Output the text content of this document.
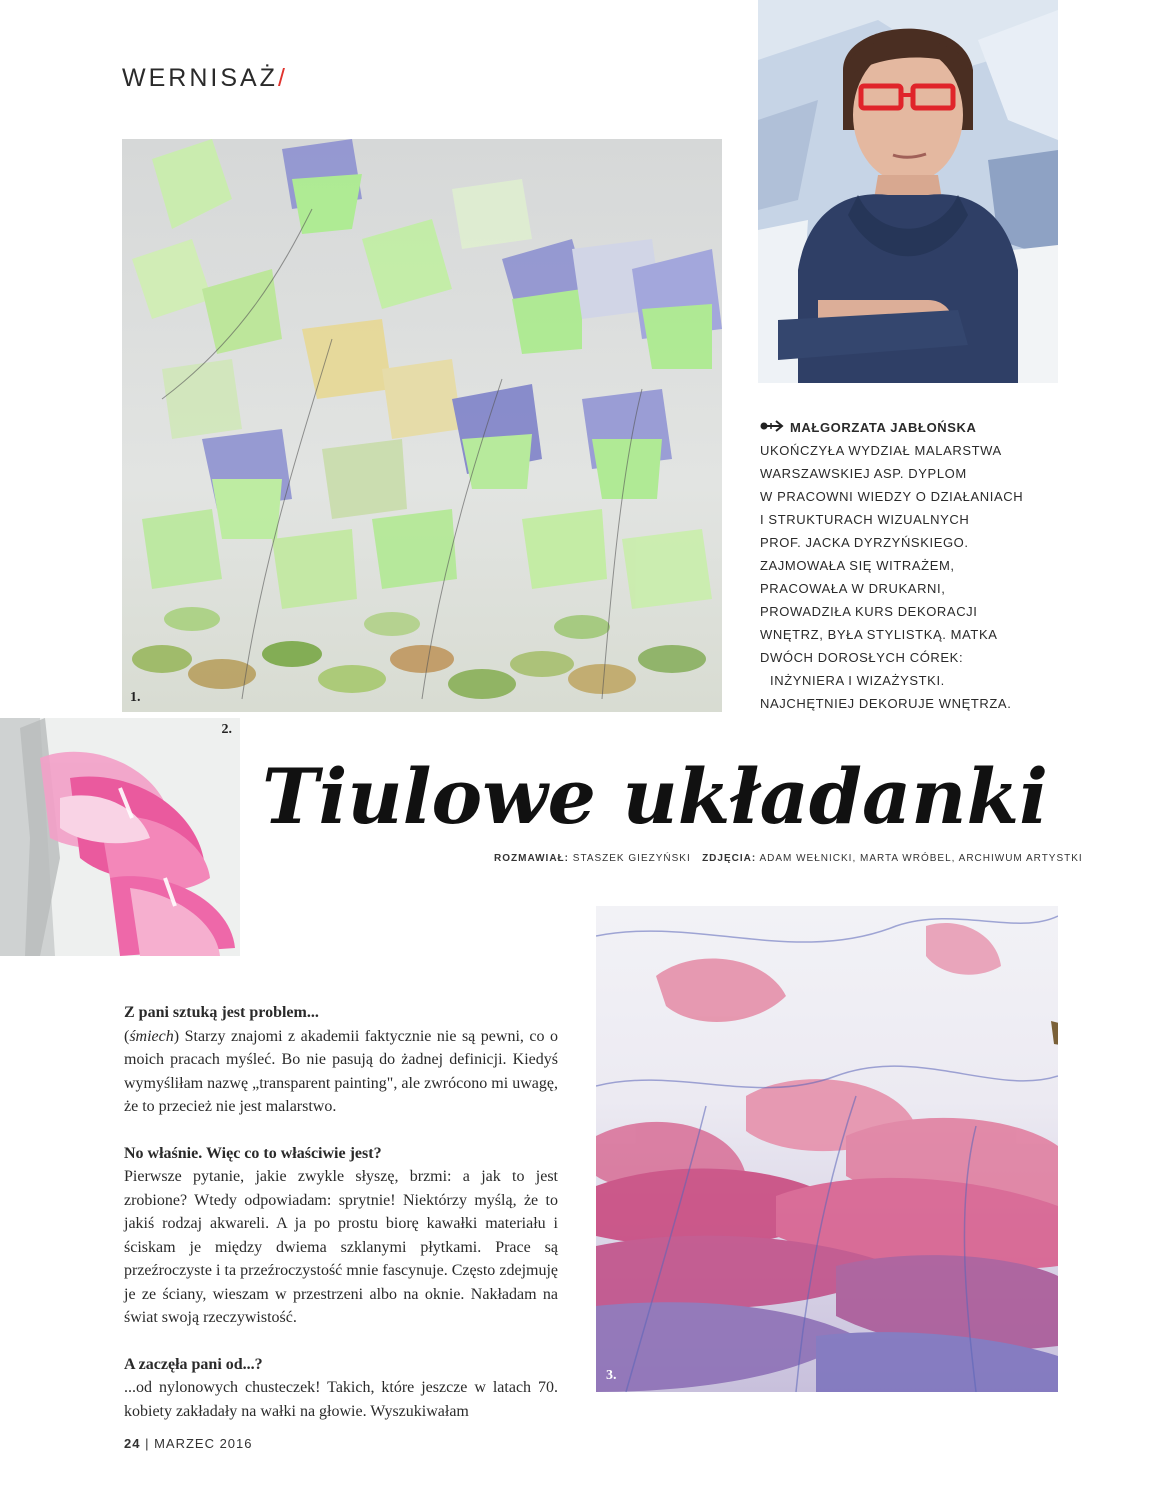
WERNISAŻ/
1.
MAŁGORZATA JABŁOŃSKA
UKOŃCZYŁA WYDZIAŁ MALARSTWA
WARSZAWSKIEJ ASP. DYPLOM
W PRACOWNI WIEDZY O DZIAŁANIACH
I STRUKTURACH WIZUALNYCH
PROF. JACKA DYRZYŃSKIEGO.
ZAJMOWAŁA SIĘ WITRAŻEM,
PRACOWAŁA W DRUKARNI,
PROWADZIŁA KURS DEKORACJI
WNĘTRZ, BYŁA STYLISTKĄ. MATKA
DWÓCH DOROSŁYCH CÓREK:
INŻYNIERA I WIZAŻYSTKI.
NAJCHĘTNIEJ DEKORUJE WNĘTRZA.
2.
Tiulowe układanki
ROZMAWIAŁ: STASZEK GIEZYŃSKI ZDJĘCIA: ADAM WEŁNICKI, MARTA WRÓBEL, ARCHIWUM ARTYSTKI
3.

Z pani sztuką jest problem...

(śmiech) Starzy znajomi z akademii faktycznie nie są pewni, co o moich pracach myśleć. Bo nie pasują do żadnej definicji. Kiedyś wymyśliłam nazwę „transparent painting", ale zwrócono mi uwagę, że to przecież nie jest malarstwo.

No właśnie. Więc co to właściwie jest?

Pierwsze pytanie, jakie zwykle słyszę, brzmi: a jak to jest zrobione? Wtedy odpowiadam: sprytnie! Niektórzy myślą, że to jakiś rodzaj akwareli. A ja po prostu biorę kawałki materiału i ściskam je między dwiema szklanymi płytkami. Prace są przeźroczyste i ta przeźroczystość mnie fascynuje. Często zdejmuję je ze ściany, wieszam w przestrzeni albo na oknie. Nakładam na świat swoją rzeczywistość.

A zaczęła pani od...?

...od nylonowych chusteczek! Takich, które jeszcze w latach 70. kobiety zakładały na wałki na głowie. Wyszukiwałam

24 | MARZEC 2016
